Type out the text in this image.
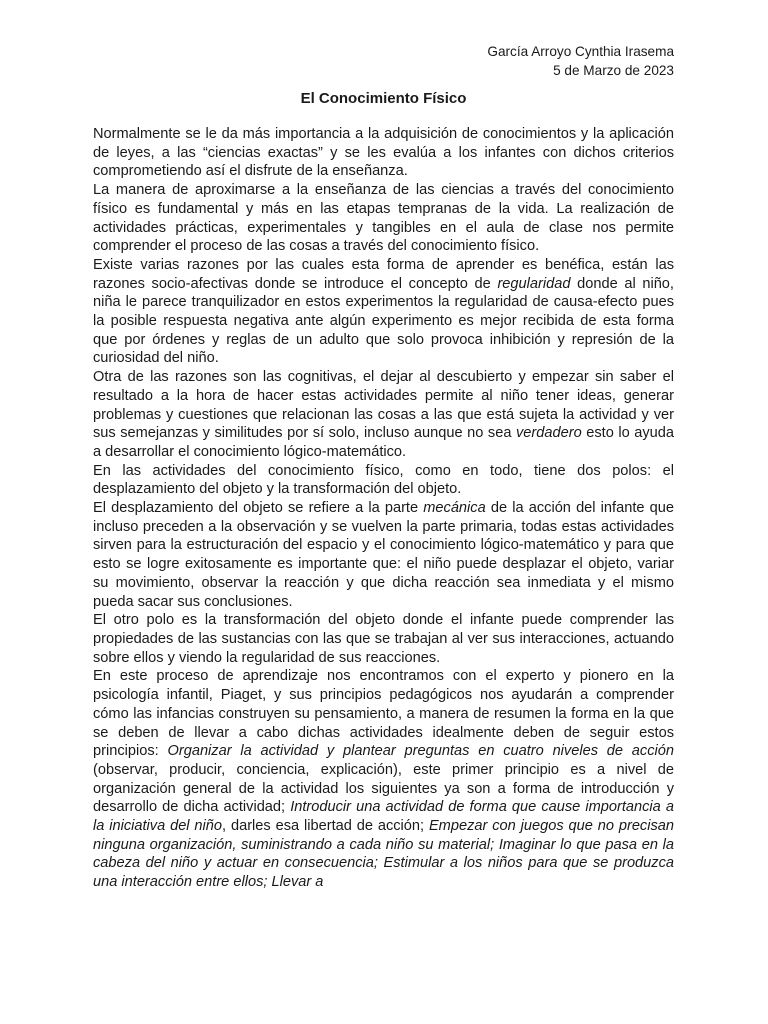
García Arroyo Cynthia Irasema
5 de Marzo de 2023
El Conocimiento Físico

Normalmente se le da más importancia a la adquisición de conocimientos y la aplicación de leyes, a las “ciencias exactas” y se les evalúa a los infantes con dichos criterios comprometiendo así el disfrute de la enseñanza.

La manera de aproximarse a la enseñanza de las ciencias a través del conocimiento físico es fundamental y más en las etapas tempranas de la vida. La realización de actividades prácticas, experimentales y tangibles en el aula de clase nos permite comprender el proceso de las cosas a través del conocimiento físico.

Existe varias razones por las cuales esta forma de aprender es benéfica, están las razones socio-afectivas donde se introduce el concepto de regularidad donde al niño, niña le parece tranquilizador en estos experimentos la regularidad de causa-efecto pues la posible respuesta negativa ante algún experimento es mejor recibida de esta forma que por órdenes y reglas de un adulto que solo provoca inhibición y represión de la curiosidad del niño.

Otra de las razones son las cognitivas, el dejar al descubierto y empezar sin saber el resultado a la hora de hacer estas actividades permite al niño tener ideas, generar problemas y cuestiones que relacionan las cosas a las que está sujeta la actividad y ver sus semejanzas y similitudes por sí solo, incluso aunque no sea verdadero esto lo ayuda a desarrollar el conocimiento lógico-matemático.

En las actividades del conocimiento físico, como en todo, tiene dos polos: el desplazamiento del objeto y la transformación del objeto.

El desplazamiento del objeto se refiere a la parte mecánica de la acción del infante que incluso preceden a la observación y se vuelven la parte primaria, todas estas actividades sirven para la estructuración del espacio y el conocimiento lógico-matemático y para que esto se logre exitosamente es importante que: el niño puede desplazar el objeto, variar su movimiento, observar la reacción y que dicha reacción sea inmediata y el mismo pueda sacar sus conclusiones.

El otro polo es la transformación del objeto donde el infante puede comprender las propiedades de las sustancias con las que se trabajan al ver sus interacciones, actuando sobre ellos y viendo la regularidad de sus reacciones.

En este proceso de aprendizaje nos encontramos con el experto y pionero en la psicología infantil, Piaget, y sus principios pedagógicos nos ayudarán a comprender cómo las infancias construyen su pensamiento, a manera de resumen la forma en la que se deben de llevar a cabo dichas actividades idealmente deben de seguir estos principios: Organizar la actividad y plantear preguntas en cuatro niveles de acción (observar, producir, conciencia, explicación), este primer principio es a nivel de organización general de la actividad los siguientes ya son a forma de introducción y desarrollo de dicha actividad; Introducir una actividad de forma que cause importancia a la iniciativa del niño, darles esa libertad de acción; Empezar con juegos que no precisan ninguna organización, suministrando a cada niño su material; Imaginar lo que pasa en la cabeza del niño y actuar en consecuencia; Estimular a los niños para que se produzca una interacción entre ellos; Llevar a
